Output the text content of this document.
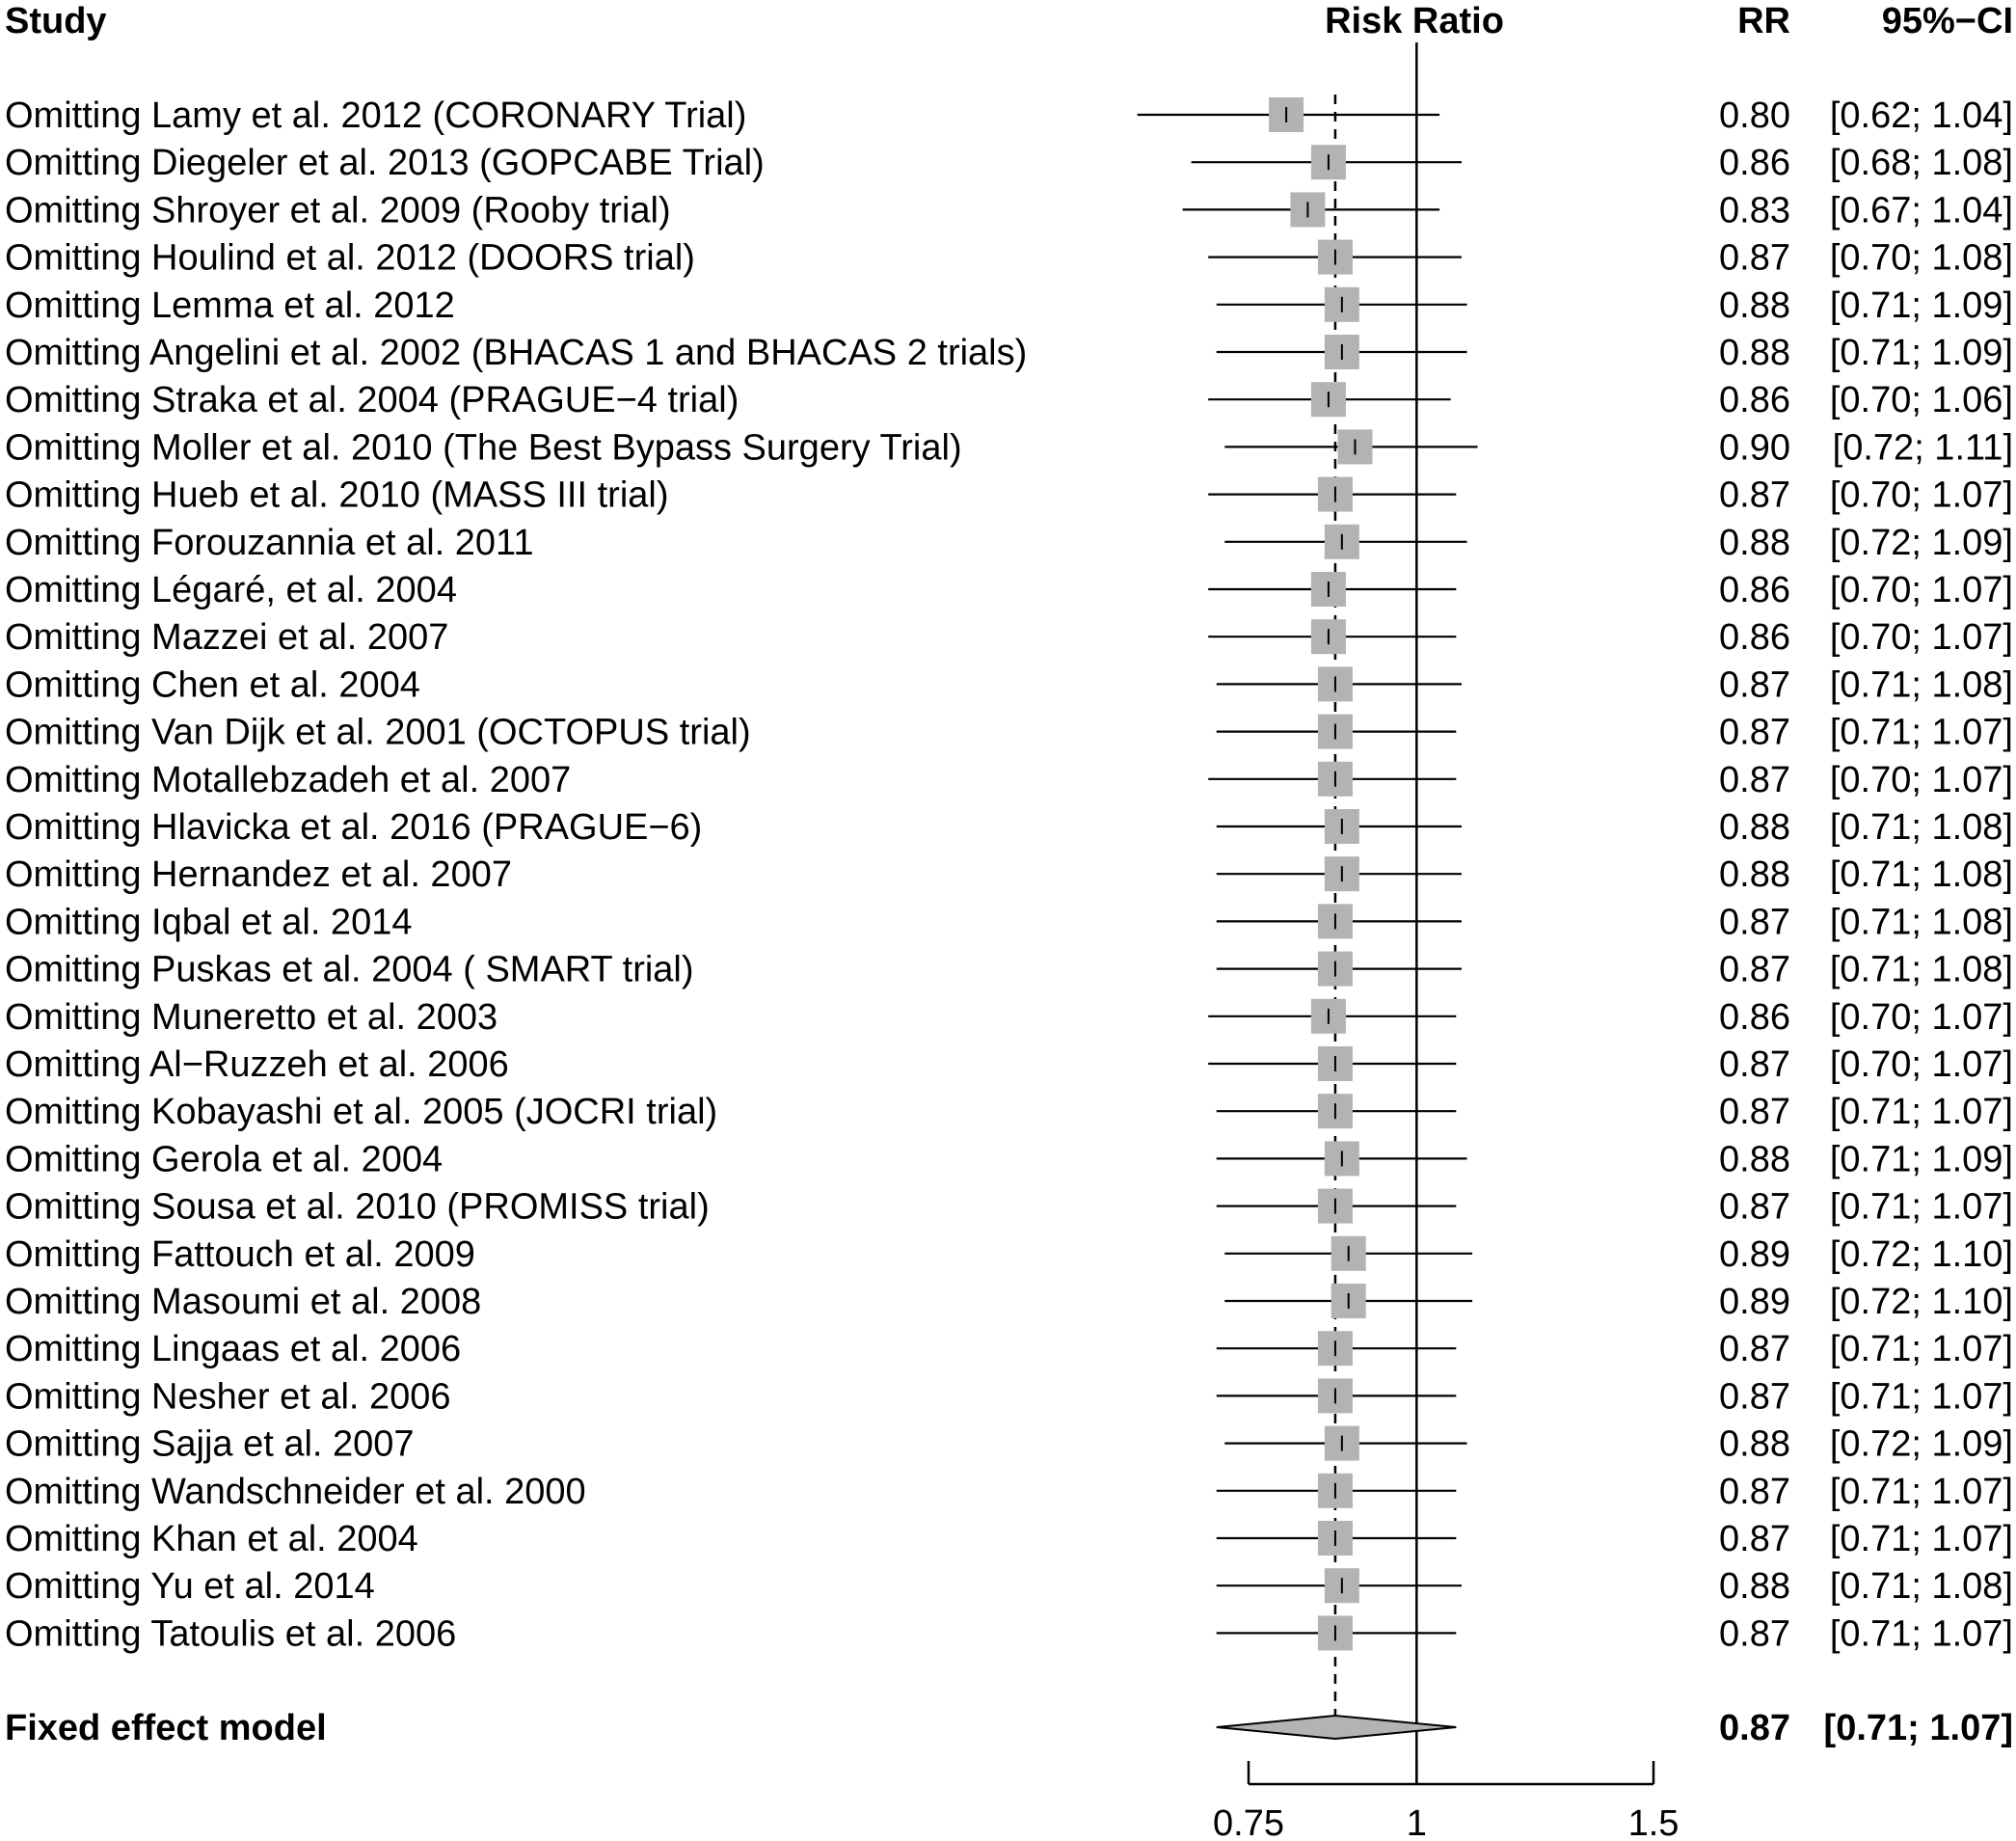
Study	Risk Ratio	RR 95%−CI
Omitting Lamy et al. 2012 (CORONARY Trial)	0.80 [0.62; 1.04]
Omitting Diegeler et al. 2013 (GOPCABE Trial)	0.86 [0.68; 1.08]
Omitting Shroyer et al. 2009 (Rooby trial)	0.83 [0.67; 1.04]
Omitting Houlind et al. 2012 (DOORS trial)	0.87 [0.70; 1.08]
Omitting Lemma et al. 2012	0.88 [0.71; 1.09]
Omitting Angelini et al. 2002 (BHACAS 1 and BHACAS 2 trials)	0.88 [0.71; 1.09]
Omitting Straka et al. 2004 (PRAGUE−4 trial)	0.86 [0.70; 1.06]
Omitting Moller et al. 2010 (The Best Bypass Surgery Trial)	0.90 [0.72; 1.11]
Omitting Hueb et al. 2010 (MASS III trial)	0.87 [0.70; 1.07]
Omitting Forouzannia et al. 2011	0.88 [0.72; 1.09]
Omitting Légaré, et al. 2004	0.86 [0.70; 1.07]
Omitting Mazzei et al. 2007	0.86 [0.70; 1.07]
Omitting Chen et al. 2004	0.87 [0.71; 1.08]
Omitting Van Dijk et al. 2001 (OCTOPUS trial)	0.87 [0.71; 1.07]
Omitting Motallebzadeh et al. 2007	0.87 [0.70; 1.07]
Omitting Hlavicka et al. 2016 (PRAGUE−6)	0.88 [0.71; 1.08]
Omitting Hernandez et al. 2007	0.88 [0.71; 1.08]
Omitting Iqbal et al. 2014	0.87 [0.71; 1.08]
Omitting Puskas et al. 2004 ( SMART trial)	0.87 [0.71; 1.08]
Omitting Muneretto et al. 2003	0.86 [0.70; 1.07]
Omitting Al−Ruzzeh et al. 2006	0.87 [0.70; 1.07]
Omitting Kobayashi et al. 2005 (JOCRI trial)	0.87 [0.71; 1.07]
Omitting Gerola et al. 2004	0.88 [0.71; 1.09]
Omitting Sousa et al. 2010 (PROMISS trial)	0.87 [0.71; 1.07]
Omitting Fattouch et al. 2009	0.89 [0.72; 1.10]
Omitting Masoumi et al. 2008	0.89 [0.72; 1.10]
Omitting Lingaas et al. 2006	0.87 [0.71; 1.07]
Omitting Nesher et al. 2006	0.87 [0.71; 1.07]
Omitting Sajja et al. 2007	0.88 [0.72; 1.09]
Omitting Wandschneider et al. 2000	0.87 [0.71; 1.07]
Omitting Khan et al. 2004	0.87 [0.71; 1.07]
Omitting Yu et al. 2014	0.88 [0.71; 1.08]
Omitting Tatoulis et al. 2006	0.87 [0.71; 1.07]
Fixed effect model	0.87 [0.71; 1.07]
0.75	1	1.5
